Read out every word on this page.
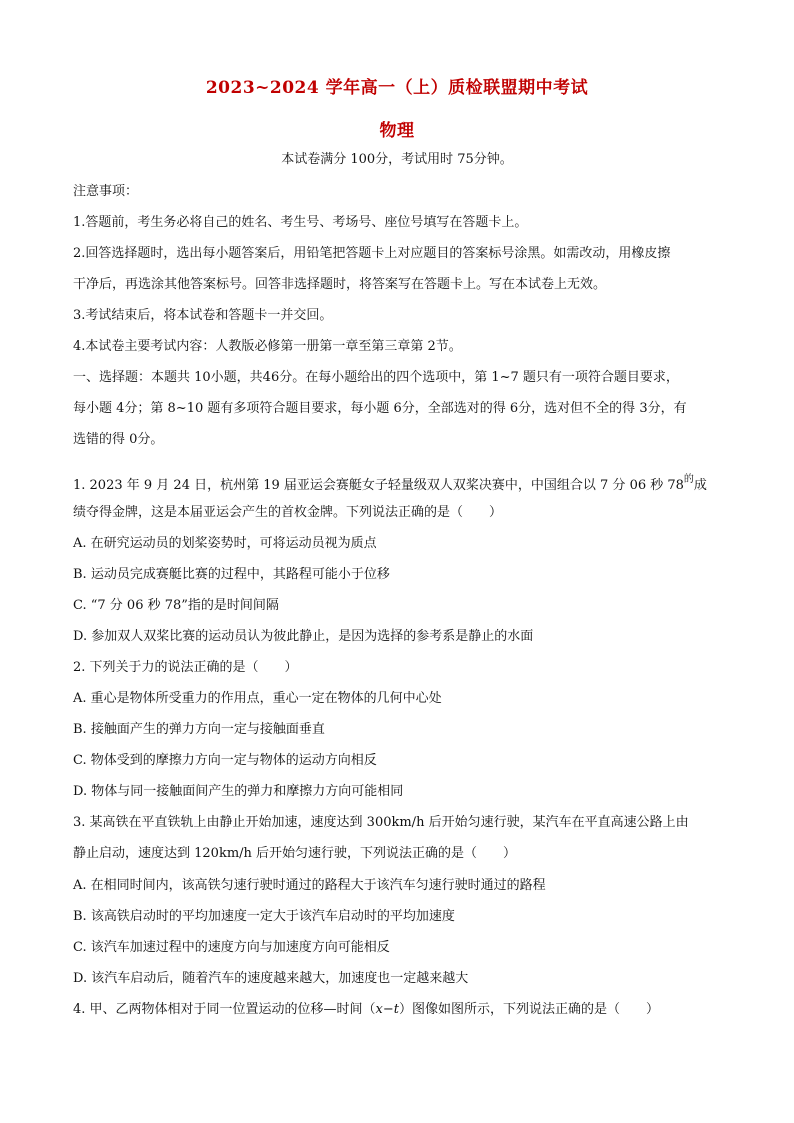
2023~2024 学年高一（上）质检联盟期中考试
物理
本试卷满分 100分，考试用时 75分钟。
注意事项：
1.答题前，考生务必将自己的姓名、考生号、考场号、座位号填写在答题卡上。
2.回答选择题时，选出每小题答案后，用铅笔把答题卡上对应题目的答案标号涂黑。如需改动，用橡皮擦
干净后，再选涂其他答案标号。回答非选择题时，将答案写在答题卡上。写在本试卷上无效。
3.考试结束后，将本试卷和答题卡一并交回。
4.本试卷主要考试内容：人教版必修第一册第一章至第三章第 2节。
一、选择题：本题共 10小题，共46分。在每小题给出的四个选项中，第 1~7 题只有一项符合题目要求，
每小题 4分；第 8~10 题有多项符合题目要求，每小题 6分，全部选对的得 6分，选对但不全的得 3分，有
选错的得 0分。
1. 2023 年 9 月 24 日，杭州第 19 届亚运会赛艇女子轻量级双人双桨决赛中，中国组合以 7 分 06 秒 $78^的$成
绩夺得金牌，这是本届亚运会产生的首枚金牌。下列说法正确的是（　　）
A. 在研究运动员的划桨姿势时，可将运动员视为质点
B. 运动员完成赛艇比赛的过程中，其路程可能小于位移
C. “7 分 06 秒 78”指的是时间间隔
D. 参加双人双桨比赛的运动员认为彼此静止，是因为选择的参考系是静止的水面
2. 下列关于力的说法正确的是（　　）
A. 重心是物体所受重力的作用点，重心一定在物体的几何中心处
B. 接触面产生的弹力方向一定与接触面垂直
C. 物体受到的摩擦力方向一定与物体的运动方向相反
D. 物体与同一接触面间产生的弹力和摩擦力方向可能相同
3. 某高铁在平直铁轨上由静止开始加速，速度达到 300km/h 后开始匀速行驶，某汽车在平直高速公路上由
静止启动，速度达到 120km/h 后开始匀速行驶，下列说法正确的是（　　）
A. 在相同时间内，该高铁匀速行驶时通过的路程大于该汽车匀速行驶时通过的路程
B. 该高铁启动时的平均加速度一定大于该汽车启动时的平均加速度
C. 该汽车加速过程中的速度方向与加速度方向可能相反
D. 该汽车启动后，随着汽车的速度越来越大，加速度也一定越来越大
4. 甲、乙两物体相对于同一位置运动的位移—时间（x−t）图像如图所示，下列说法正确的是（　　）
